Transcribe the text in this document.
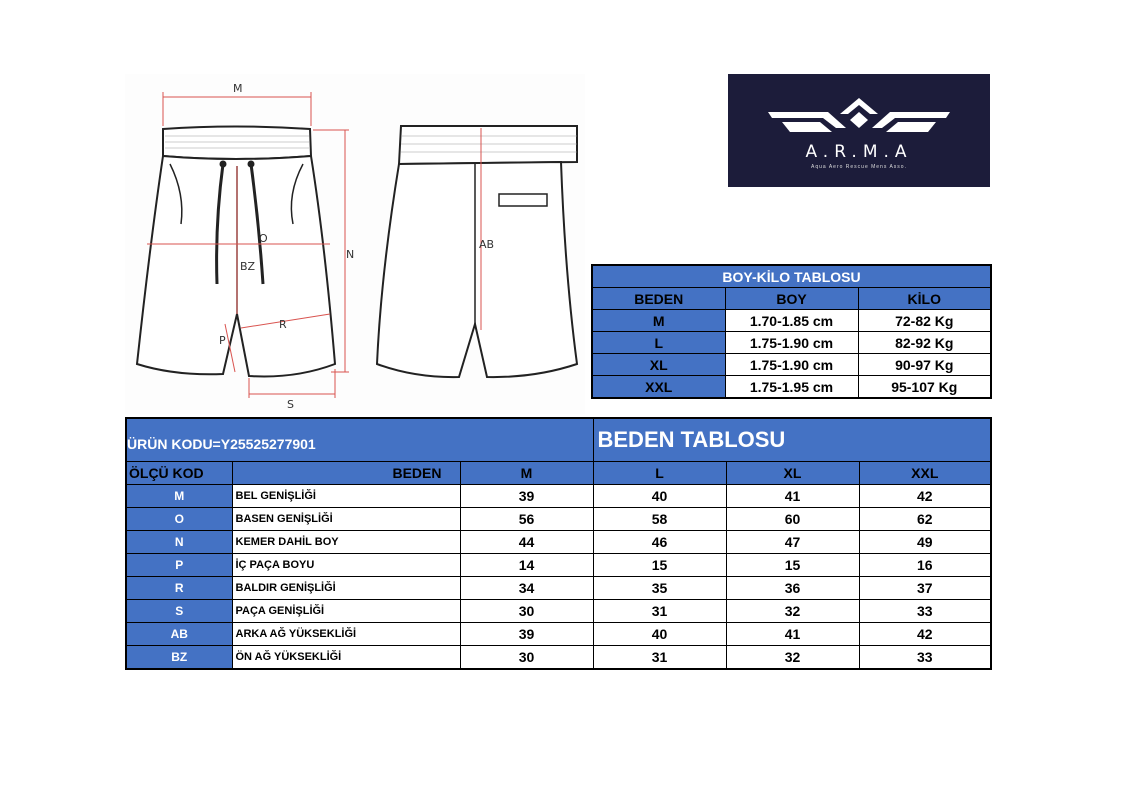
M
N
O
BZ
P
R
S
AB
A.R.M.A
Aqua Aero Rescue Mens Asso.
BOY-KİLO TABLOSU		
BEDEN	BOY	KİLO
M	1.70-1.85 cm	72-82 Kg
L	1.75-1.90 cm	82-92 Kg
XL	1.75-1.90 cm	90-97 Kg
XXL	1.75-1.95 cm	95-107 Kg
ÜRÜN KODU=Y25525277901			BEDEN TABLOSU		
ÖLÇÜ KOD	BEDEN	M	L	XL	XXL
M	BEL GENİŞLİĞİ	39	40	41	42
O	BASEN GENİŞLİĞİ	56	58	60	62
N	KEMER DAHİL BOY	44	46	47	49
P	İÇ PAÇA BOYU	14	15	15	16
R	BALDIR GENİŞLİĞİ	34	35	36	37
S	PAÇA GENİŞLİĞİ	30	31	32	33
AB	ARKA AĞ YÜKSEKLİĞİ	39	40	41	42
BZ	ÖN AĞ YÜKSEKLİĞİ	30	31	32	33
